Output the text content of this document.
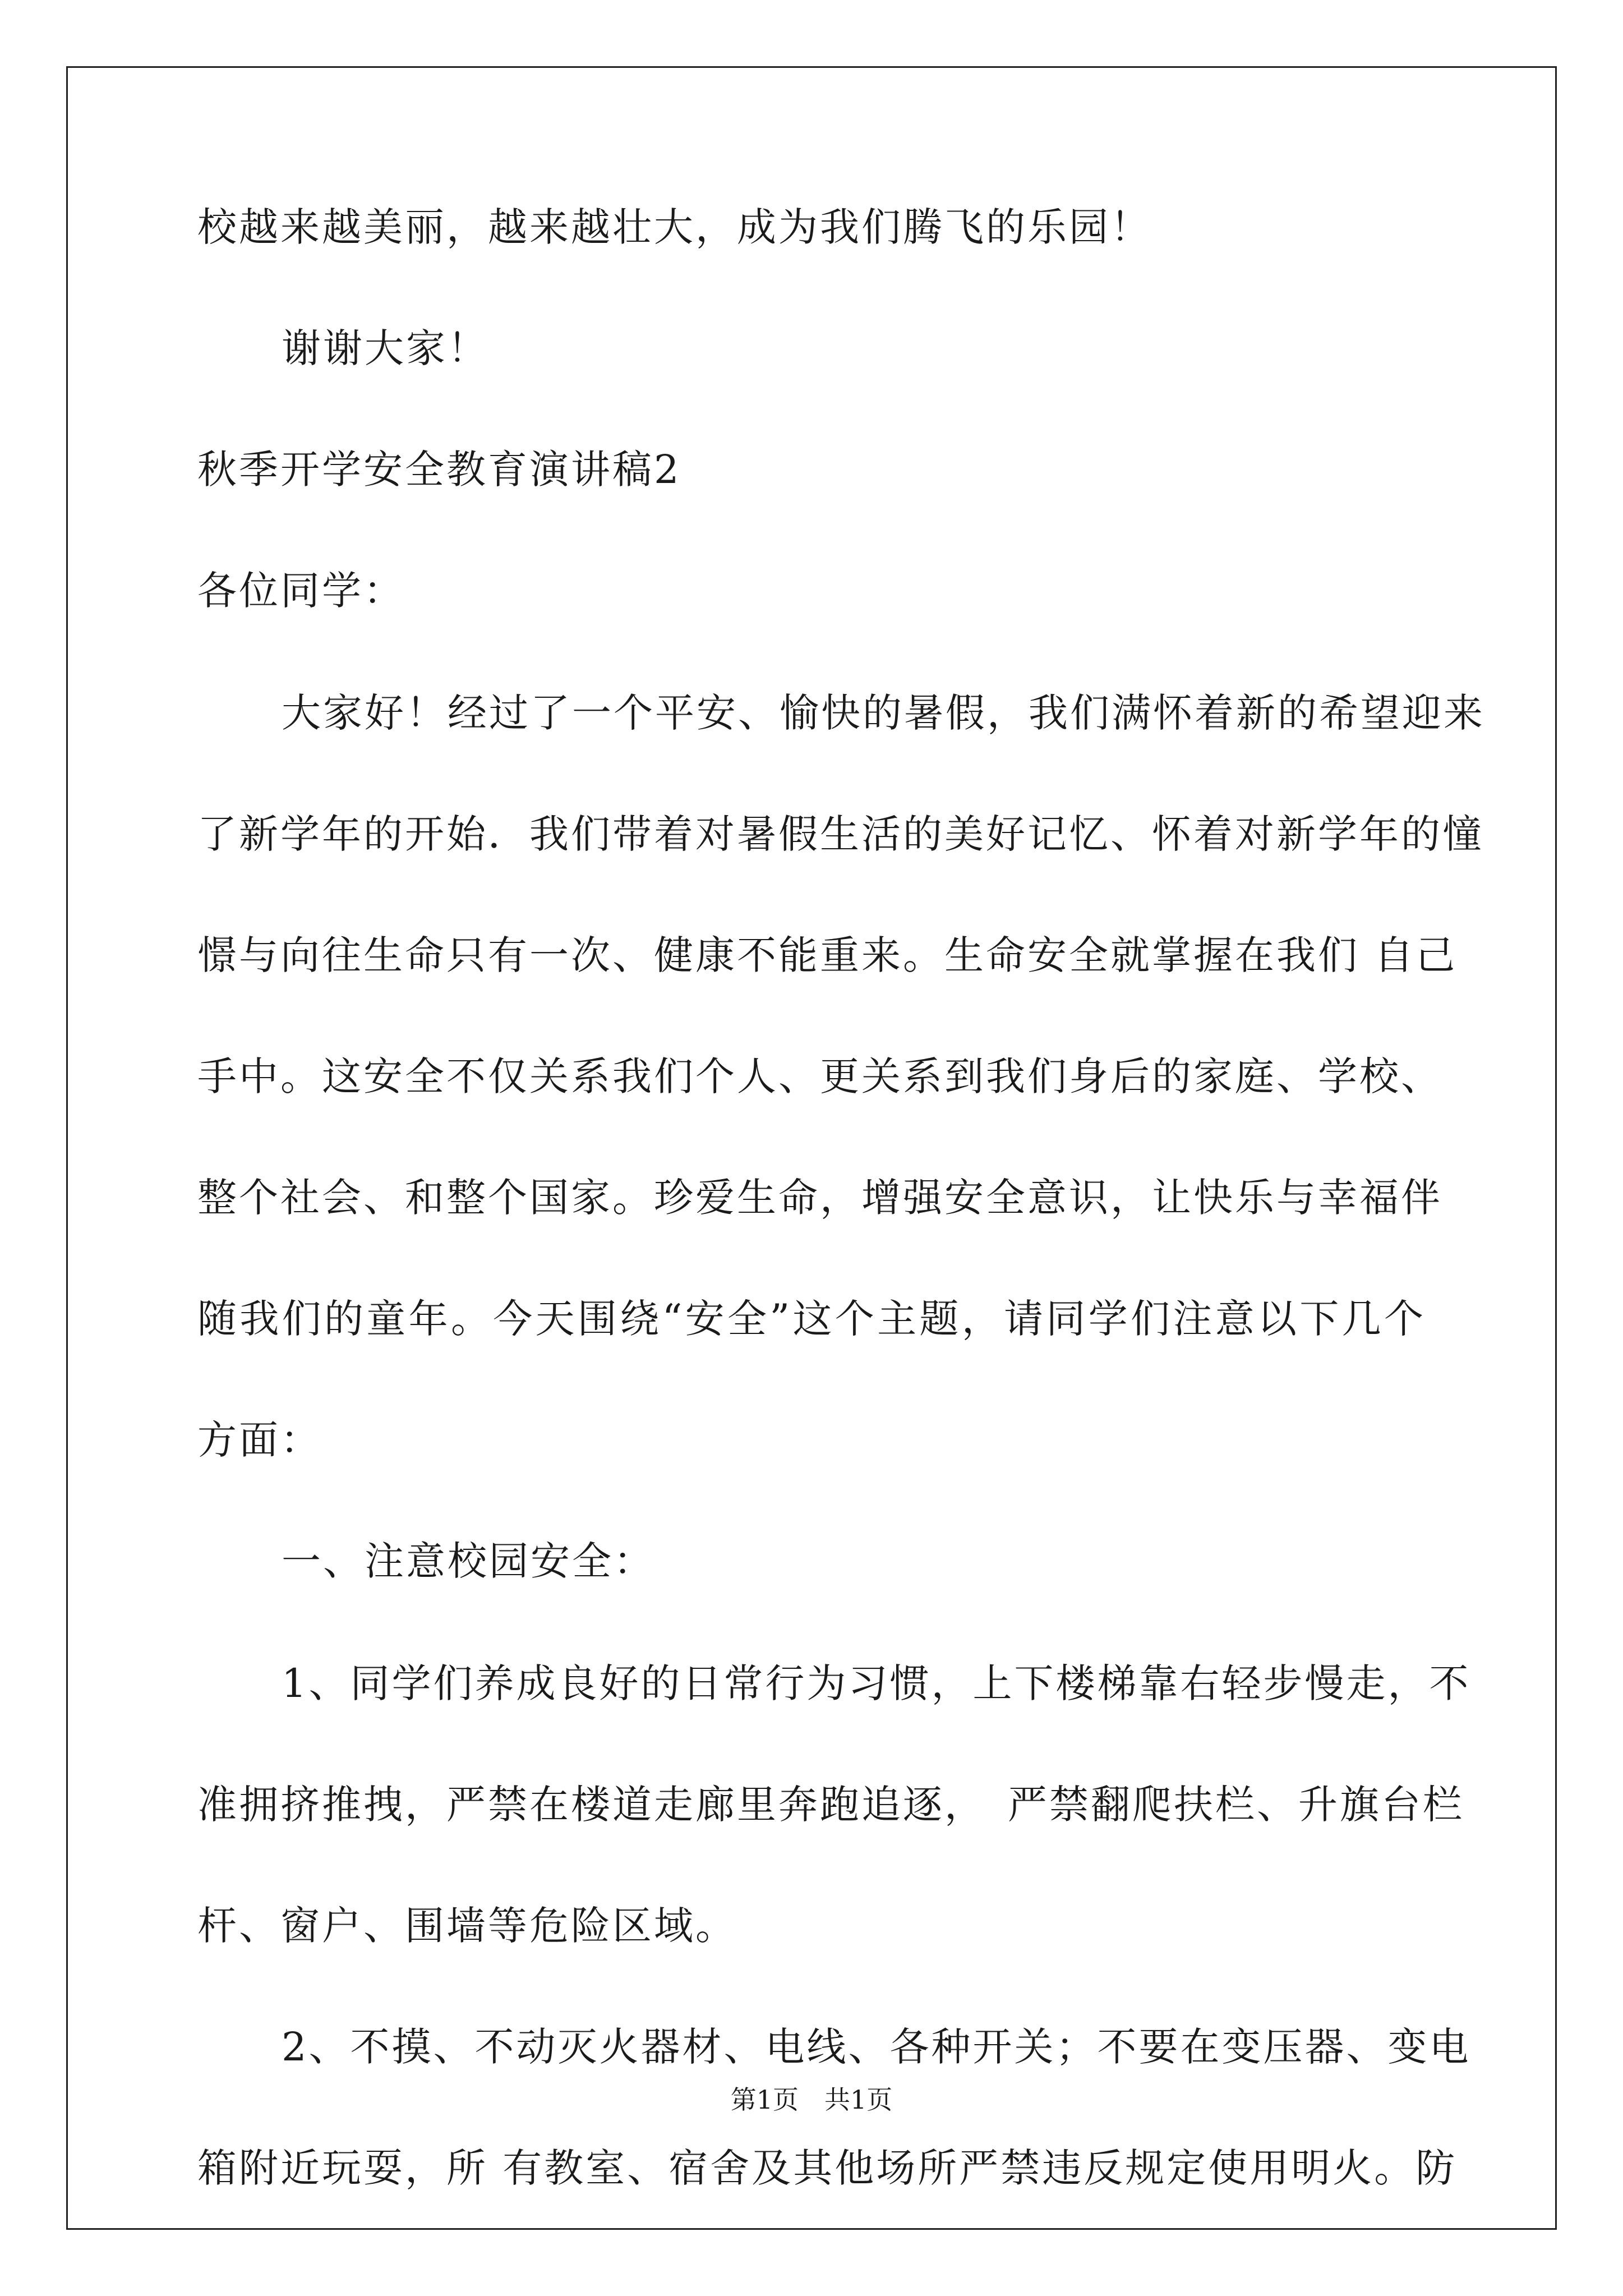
校越来越美丽，越来越壮大，成为我们腾飞的乐园！
谢谢大家！
秋季开学安全教育演讲稿2
各位同学：
大家好！经过了一个平安、愉快的暑假，我们满怀着新的希望迎来
了新学年的开始．我们带着对暑假生活的美好记忆、怀着对新学年的憧
憬与向往生命只有一次、健康不能重来。生命安全就掌握在我们 自己
手中。这安全不仅关系我们个人、更关系到我们身后的家庭、学校、
整个社会、和整个国家。珍爱生命，增强安全意识，让快乐与幸福伴
随我们的童年。今天围绕“安全”这个主题，请同学们注意以下几个
方面：
一、注意校园安全：
1、同学们养成良好的日常行为习惯，上下楼梯靠右轻步慢走，不
准拥挤推拽，严禁在楼道走廊里奔跑追逐，　严禁翻爬扶栏、升旗台栏
杆、窗户、围墙等危险区域。
2、不摸、不动灭火器材、电线、各种开关；不要在变压器、变电
箱附近玩耍，所 有教室、宿舍及其他场所严禁违反规定使用明火。防
第1页　共1页
